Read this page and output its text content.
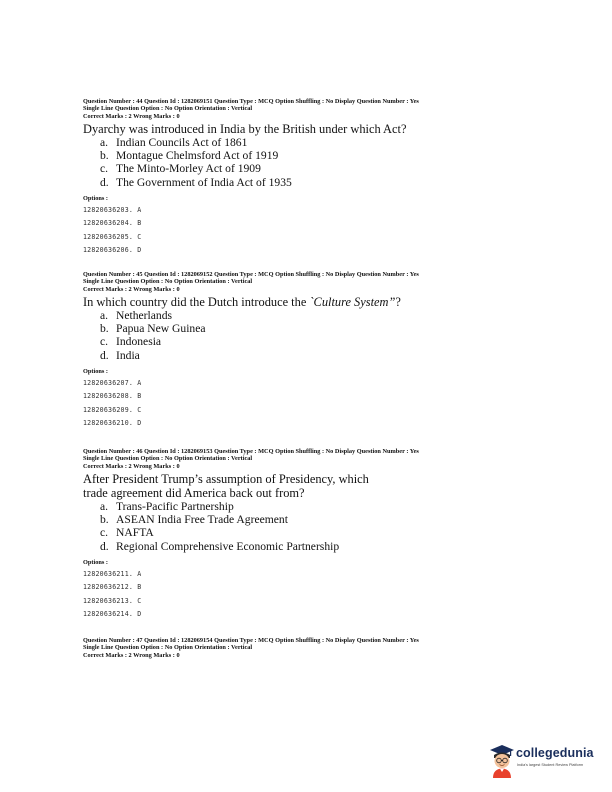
Question Number : 44 Question Id : 1282069151 Question Type : MCQ Option Shuffling : No Display Question Number : Yes
Single Line Question Option : No Option Orientation : Vertical
Correct Marks : 2 Wrong Marks : 0
Dyarchy was introduced in India by the British under which Act?
a. Indian Councils Act of 1861
b. Montague Chelmsford Act of 1919
c. The Minto-Morley Act of 1909
d. The Government of India Act of 1935
Options :
12820636203. A
12820636204. B
12820636205. C
12820636206. D
Question Number : 45 Question Id : 1282069152 Question Type : MCQ Option Shuffling : No Display Question Number : Yes
Single Line Question Option : No Option Orientation : Vertical
Correct Marks : 2 Wrong Marks : 0
In which country did the Dutch introduce the `Culture System”?
a. Netherlands
b. Papua New Guinea
c. Indonesia
d. India
Options :
12820636207. A
12820636208. B
12820636209. C
12820636210. D
Question Number : 46 Question Id : 1282069153 Question Type : MCQ Option Shuffling : No Display Question Number : Yes
Single Line Question Option : No Option Orientation : Vertical
Correct Marks : 2 Wrong Marks : 0
After President Trump’s assumption of Presidency, which trade agreement did America back out from?
a. Trans-Pacific Partnership
b. ASEAN India Free Trade Agreement
c. NAFTA
d. Regional Comprehensive Economic Partnership
Options :
12820636211. A
12820636212. B
12820636213. C
12820636214. D
Question Number : 47 Question Id : 1282069154 Question Type : MCQ Option Shuffling : No Display Question Number : Yes
Single Line Question Option : No Option Orientation : Vertical
Correct Marks : 2 Wrong Marks : 0
collegedunia
India's largest Student Review Platform
